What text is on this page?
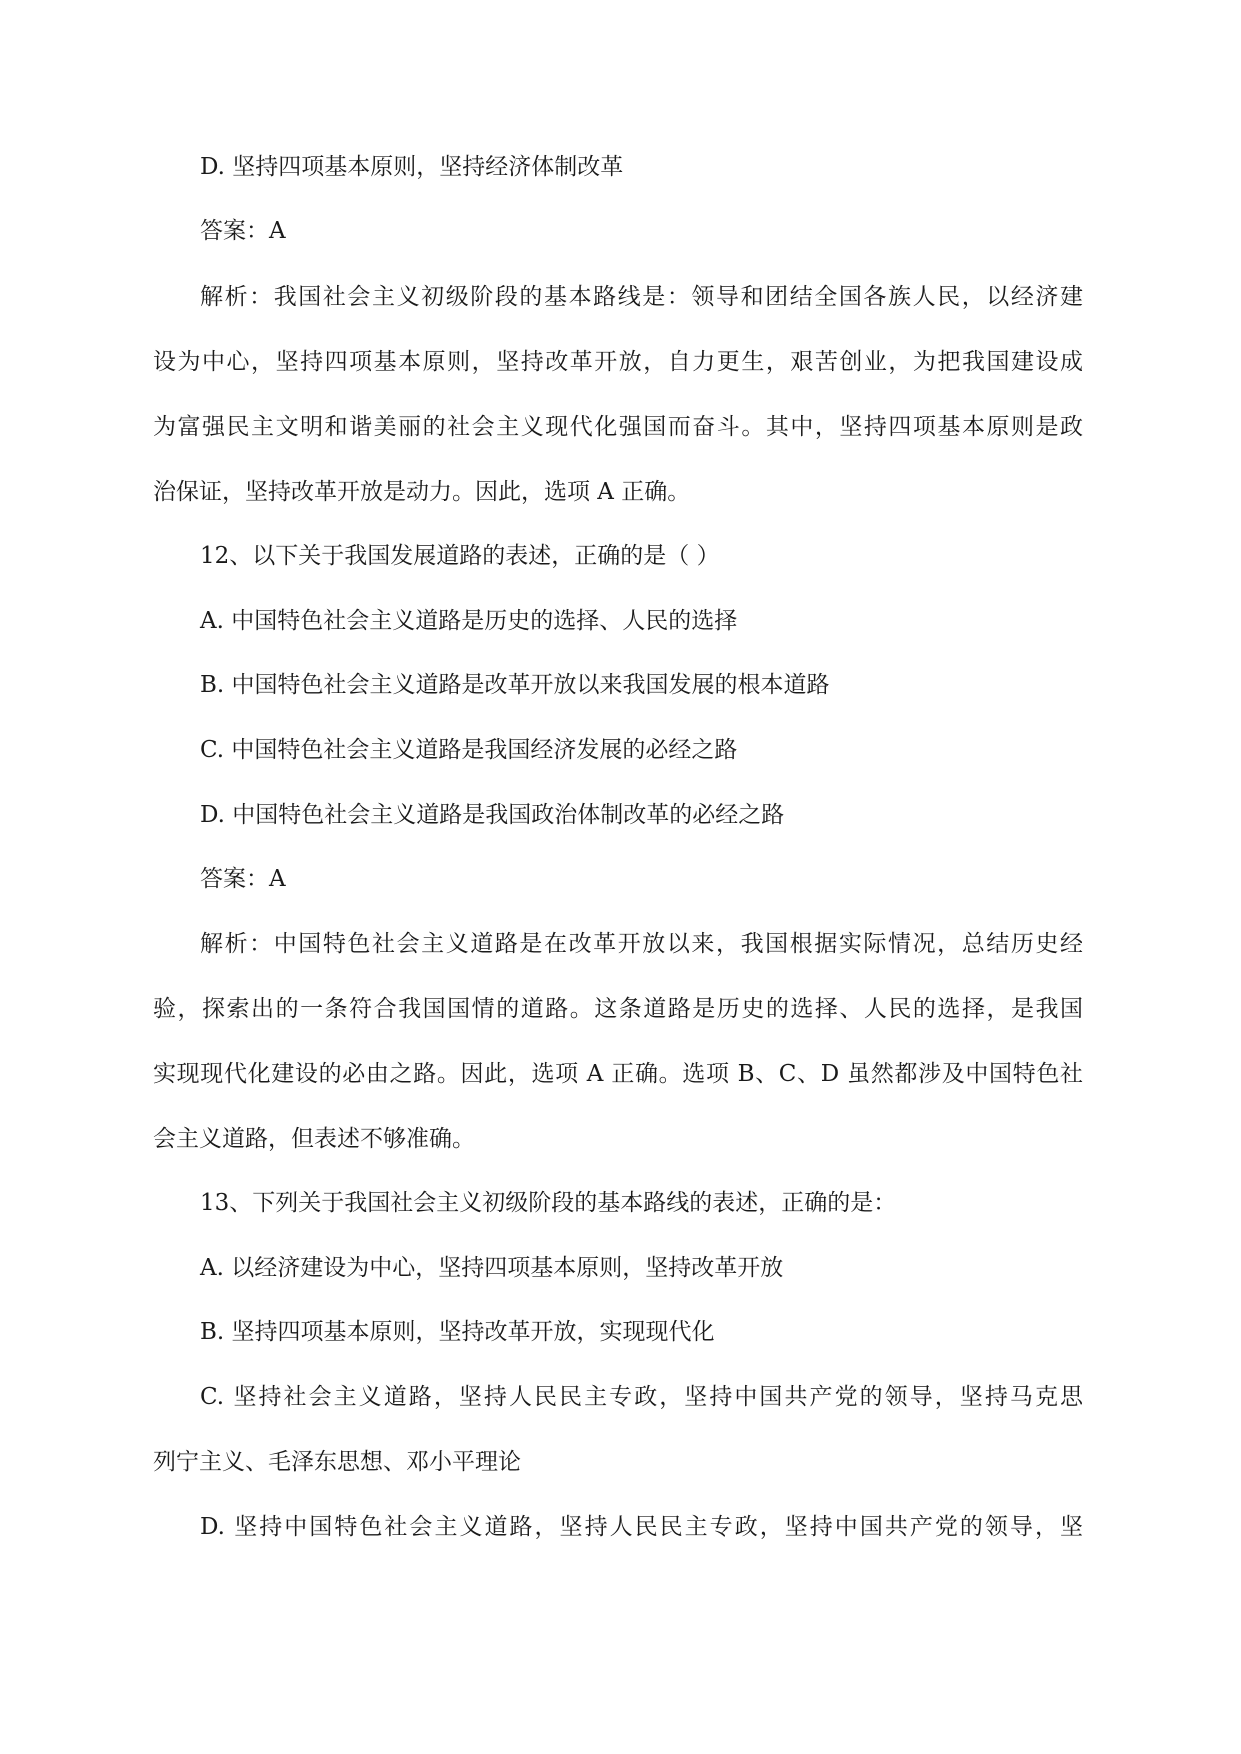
D. 坚持四项基本原则，坚持经济体制改革
答案：A
解析：我国社会主义初级阶段的基本路线是：领导和团结全国各族人民，以经济建
设为中心，坚持四项基本原则，坚持改革开放，自力更生，艰苦创业，为把我国建设成
为富强民主文明和谐美丽的社会主义现代化强国而奋斗。其中，坚持四项基本原则是政
治保证，坚持改革开放是动力。因此，选项 A 正确。
12、以下关于我国发展道路的表述，正确的是（ ）
A. 中国特色社会主义道路是历史的选择、人民的选择
B. 中国特色社会主义道路是改革开放以来我国发展的根本道路
C. 中国特色社会主义道路是我国经济发展的必经之路
D. 中国特色社会主义道路是我国政治体制改革的必经之路
答案：A
解析：中国特色社会主义道路是在改革开放以来，我国根据实际情况，总结历史经
验，探索出的一条符合我国国情的道路。这条道路是历史的选择、人民的选择，是我国
实现现代化建设的必由之路。因此，选项 A 正确。选项 B、C、D 虽然都涉及中国特色社
会主义道路，但表述不够准确。
13、下列关于我国社会主义初级阶段的基本路线的表述，正确的是：
A. 以经济建设为中心，坚持四项基本原则，坚持改革开放
B. 坚持四项基本原则，坚持改革开放，实现现代化
C. 坚持社会主义道路，坚持人民民主专政，坚持中国共产党的领导，坚持马克思
列宁主义、毛泽东思想、邓小平理论
D. 坚持中国特色社会主义道路，坚持人民民主专政，坚持中国共产党的领导，坚
